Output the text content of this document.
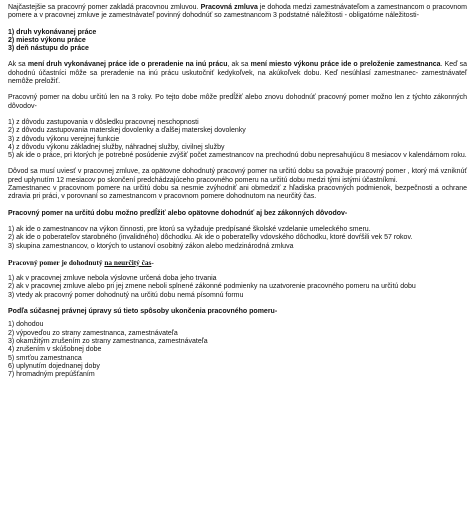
Najčastejšie sa pracovný pomer zakladá pracovnou zmluvou. Pracovná zmluva je dohoda medzi zamestnávateľom a zamestnancom o pracovnom pomere a v pracovnej zmluve je zamestnávateľ povinný dohodnúť so zamestnancom 3 podstatné náležitosti - obligatórne náležitosti-

1) druh vykonávanej práce

2) miesto výkonu práce

3) deň nástupu do práce

Ak sa mení druh vykonávanej práce ide o preradenie na inú prácu, ak sa mení miesto výkonu práce ide o preloženie zamestnanca. Keď sa dohodnú účastníci môže sa preradenie na inú prácu uskutočniť kedykoľvek, na akúkoľvek dobu. Keď nesúhlasí zamestnanec- zamestnávateľ nemôže preložiť.

Pracovný pomer na dobu určitú len na 3 roky. Po tejto dobe môže predĺžiť alebo znovu dohodnúť pracovný pomer možno len z týchto zákonných dôvodov-

1) z dôvodu zastupovania v dôsledku pracovnej neschopnosti

2) z dôvodu zastupovania materskej dovolenky a ďalšej materskej dovolenky

3) z dôvodu výkonu verejnej funkcie

4) z dôvodu výkonu základnej služby, náhradnej služby, civilnej služby

5) ak ide o práce, pri ktorých je potrebné posúdenie zvýšiť počet zamestnancov na prechodnú dobu nepresahujúcu 8 mesiacov v kalendárnom roku.

Dôvod sa musí uviesť v pracovnej zmluve, za opätovne dohodnutý pracovný pomer na určitú dobu sa považuje pracovný pomer , ktorý má vzniknúť pred uplynutím 12 mesiacov po skončení predchádzajúceho pracovného pomeru na určitú dobu medzi tými istými účastníkmi.

Zamestnanec v pracovnom pomere na určitú dobu sa nesmie zvýhodniť ani obmedziť z hľadiska pracovných podmienok, bezpečnosti a ochrane zdravia pri práci, v porovnaní so zamestnancom v pracovnom pomere dohodnutom na neurčitý čas.

Pracovný pomer na určitú dobu možno predĺžiť alebo opätovne dohodnúť aj bez zákonných dôvodov-

1) ak ide o zamestnancov na výkon činnosti, pre ktorú sa vyžaduje predpísané školské vzdelanie umeleckého smeru.

2) ak ide o poberateľov starobného (invalidného) dôchodku. Ak ide o poberateľky vdovského dôchodku, ktoré dovŕšili vek 57 rokov.

3) skupina zamestnancov, o ktorých to ustanoví osobitný zákon alebo medzinárodná zmluva

Pracovný pomer je dohodnutý na neurčitý čas-

1) ak v pracovnej zmluve nebola výslovne určená doba jeho trvania

2) ak v pracovnej zmluve alebo pri jej zmene neboli splnené zákonné podmienky na uzatvorenie pracovného pomeru na určitú dobu

3) vtedy ak pracovný pomer dohodnutý na určitú dobu nemá písomnú formu

Podľa súčasnej právnej úpravy sú tieto spôsoby ukončenia pracovného pomeru-

1) dohodou

2) výpoveďou zo strany zamestnanca, zamestnávateľa

3) okamžitým zrušením zo strany zamestnanca, zamestnávateľa

4) zrušením v skúšobnej dobe

5) smrťou zamestnanca

6) uplynutím dojednanej doby

7) hromadným prepúšťaním
